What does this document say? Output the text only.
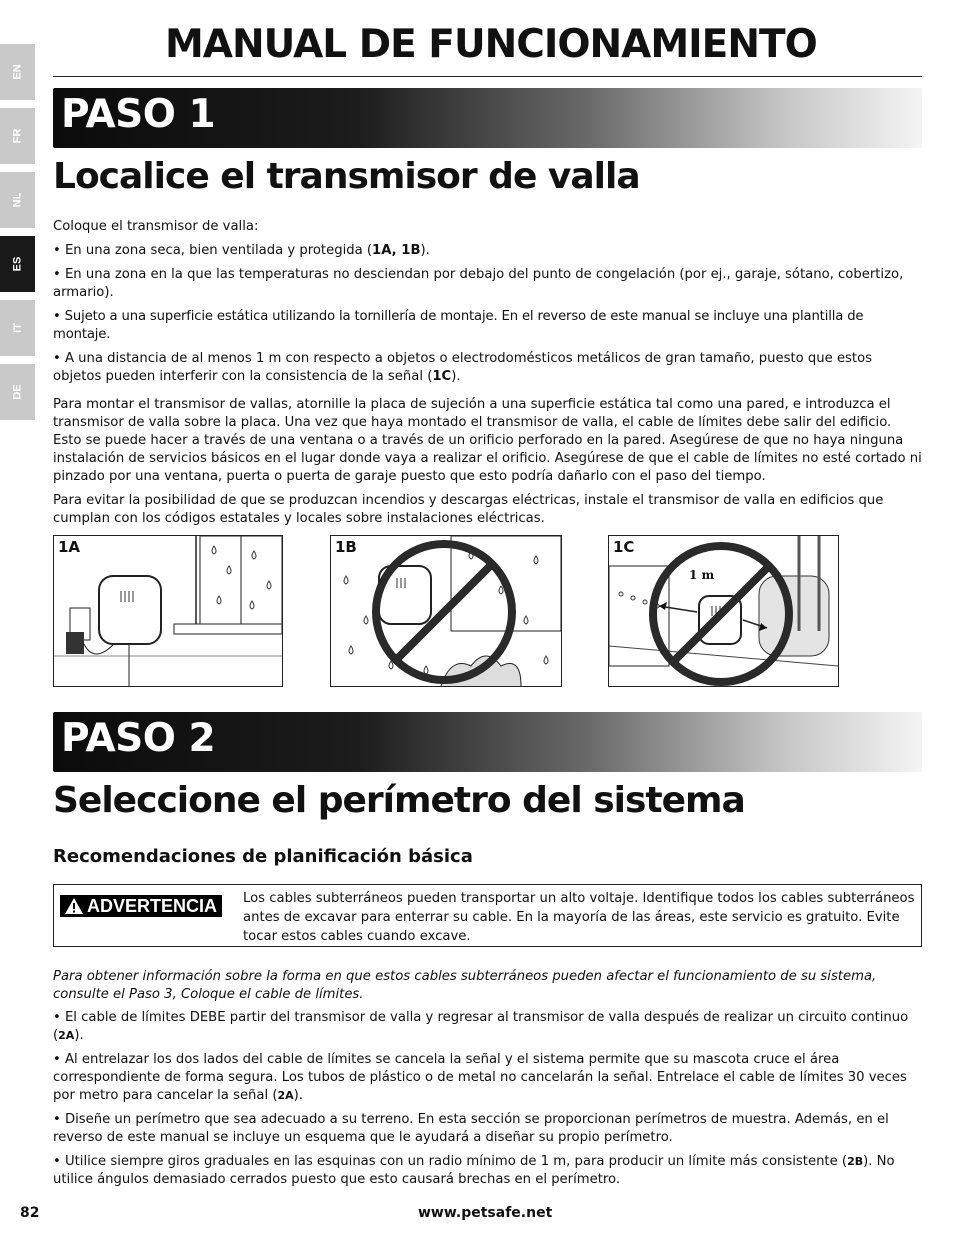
EN
FR
NL
ES
IT
DE
MANUAL DE FUNCIONAMIENTO
PASO 1
Localice el transmisor de valla

Coloque el transmisor de valla:

• En una zona seca, bien ventilada y protegida (1A, 1B).

• En una zona en la que las temperaturas no desciendan por debajo del punto de congelación (por ej., garaje, sótano, cobertizo, armario).

• Sujeto a una superficie estática utilizando la tornillería de montaje. En el reverso de este manual se incluye una plantilla de montaje.

• A una distancia de al menos 1 m con respecto a objetos o electrodomésticos metálicos de gran tamaño, puesto que estos objetos pueden interferir con la consistencia de la señal (1C).

Para montar el transmisor de vallas, atornille la placa de sujeción a una superficie estática tal como una pared, e introduzca el transmisor de valla sobre la placa. Una vez que haya montado el transmisor de valla, el cable de límites debe salir del edificio. Esto se puede hacer a través de una ventana o a través de un orificio perforado en la pared. Asegúrese de que no haya ninguna instalación de servicios básicos en el lugar donde vaya a realizar el orificio. Asegúrese de que el cable de límites no esté cortado ni pinzado por una ventana, puerta o puerta de garaje puesto que esto podría dañarlo con el paso del tiempo.

Para evitar la posibilidad de que se produzcan incendios y descargas eléctricas, instale el transmisor de valla en edificios que cumplan con los códigos estatales y locales sobre instalaciones eléctricas.

1A	1B	1C
1 m
PASO 2
Seleccione el perímetro del sistema
Recomendaciones de planificación básica
ADVERTENCIA Los cables subterráneos pueden transportar un alto voltaje. Identifique todos los cables subterráneos antes de excavar para enterrar su cable. En la mayoría de las áreas, este servicio es gratuito. Evite tocar estos cables cuando excave.

Para obtener información sobre la forma en que estos cables subterráneos pueden afectar el funcionamiento de su sistema, consulte el Paso 3, Coloque el cable de límites.

• El cable de límites DEBE partir del transmisor de valla y regresar al transmisor de valla después de realizar un circuito continuo (2A).

• Al entrelazar los dos lados del cable de límites se cancela la señal y el sistema permite que su mascota cruce el área correspondiente de forma segura. Los tubos de plástico o de metal no cancelarán la señal. Entrelace el cable de límites 30 veces por metro para cancelar la señal (2A).

• Diseñe un perímetro que sea adecuado a su terreno. En esta sección se proporcionan perímetros de muestra. Además, en el reverso de este manual se incluye un esquema que le ayudará a diseñar su propio perímetro.

• Utilice siempre giros graduales en las esquinas con un radio mínimo de 1 m, para producir un límite más consistente (2B). No utilice ángulos demasiado cerrados puesto que esto causará brechas en el perímetro.

82	www.petsafe.net
